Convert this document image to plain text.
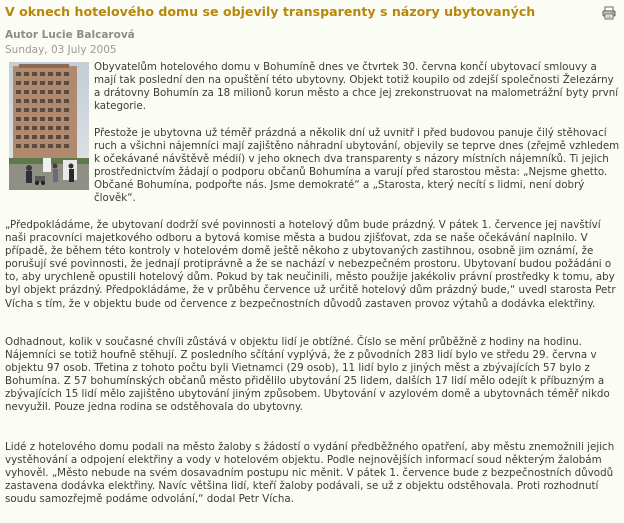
V oknech hotelového domu se objevily transparenty s názory ubytovaných
Autor Lucie Balcarová
Sunday, 03 July 2005

Obyvatelům hotelového domu v Bohumíně dnes ve čtvrtek 30. června končí ubytovací smlouvy a mají tak poslední den na opuštění této ubytovny. Objekt totiž koupilo od zdejší společnosti Železárny a drátovny Bohumín za 18 milionů korun město a chce jej zrekonstruovat na malometrážní byty první kategorie.

Přestože je ubytovna už téměř prázdná a několik dní už uvnitř i před budovou panuje čilý stěhovací ruch a všichni nájemníci mají zajištěno náhradní ubytování, objevily se teprve dnes (zřejmě vzhledem k očekávané návštěvě médií) v jeho oknech dva transparenty s názory místních nájemníků. Ti jejich prostřednictvím žádají o podporu občanů Bohumína a varují před starostou města: „Nejsme ghetto. Občané Bohumína, podpořte nás. Jsme demokraté“ a „Starosta, který necítí s lidmi, není dobrý člověk“.

„Předpokládáme, že ubytovaní dodrží své povinnosti a hotelový dům bude prázdný. V pátek 1. července jej navštíví naši pracovníci majetkového odboru a bytová komise města a budou zjišťovat, zda se naše očekávání naplnilo. V případě, že během této kontroly v hotelovém domě ještě někoho z ubytovaných zastihnou, osobně jim oznámí, že porušují své povinnosti, že jednají protiprávně a že se nachází v nebezpečném prostoru. Ubytovaní budou požádáni o to, aby urychleně opustili hotelový dům. Pokud by tak neučinili, město použije jakékoliv právní prostředky k tomu, aby byl objekt prázdný. Předpokládáme, že v průběhu července už určitě hotelový dům prázdný bude,“ uvedl starosta Petr Vícha s tím, že v objektu bude od července z bezpečnostních důvodů zastaven provoz výtahů a dodávka elektřiny.

Odhadnout, kolik v současné chvíli zůstává v objektu lidí je obtížné. Číslo se mění průběžně z hodiny na hodinu. Nájemníci se totiž houfně stěhují. Z posledního sčítání vyplývá, že z původních 283 lidí bylo ve středu 29. června v objektu 97 osob. Třetina z tohoto počtu byli Vietnamci (29 osob), 11 lidí bylo z jiných měst a zbývajících 57 bylo z Bohumína. Z 57 bohumínských občanů město přidělilo ubytování 25 lidem, dalších 17 lidí mělo odejít k příbuzným a zbývajících 15 lidí mělo zajištěno ubytování jiným způsobem. Ubytování v azylovém domě a ubytovnách téměř nikdo nevyužil. Pouze jedna rodina se odstěhovala do ubytovny.

Lidé z hotelového domu podali na město žaloby s žádostí o vydání předběžného opatření, aby městu znemožnili jejich vystěhování a odpojení elektřiny a vody v hotelovém objektu. Podle nejnovějších informací soud některým žalobám vyhověl. „Město nebude na svém dosavadním postupu nic měnit. V pátek 1. července bude z bezpečnostních důvodů zastavena dodávka elektřiny. Navíc většina lidí, kteří žaloby podávali, se už z objektu odstěhovala. Proti rozhodnutí soudu samozřejmě podáme odvolání,“ dodal Petr Vícha.
